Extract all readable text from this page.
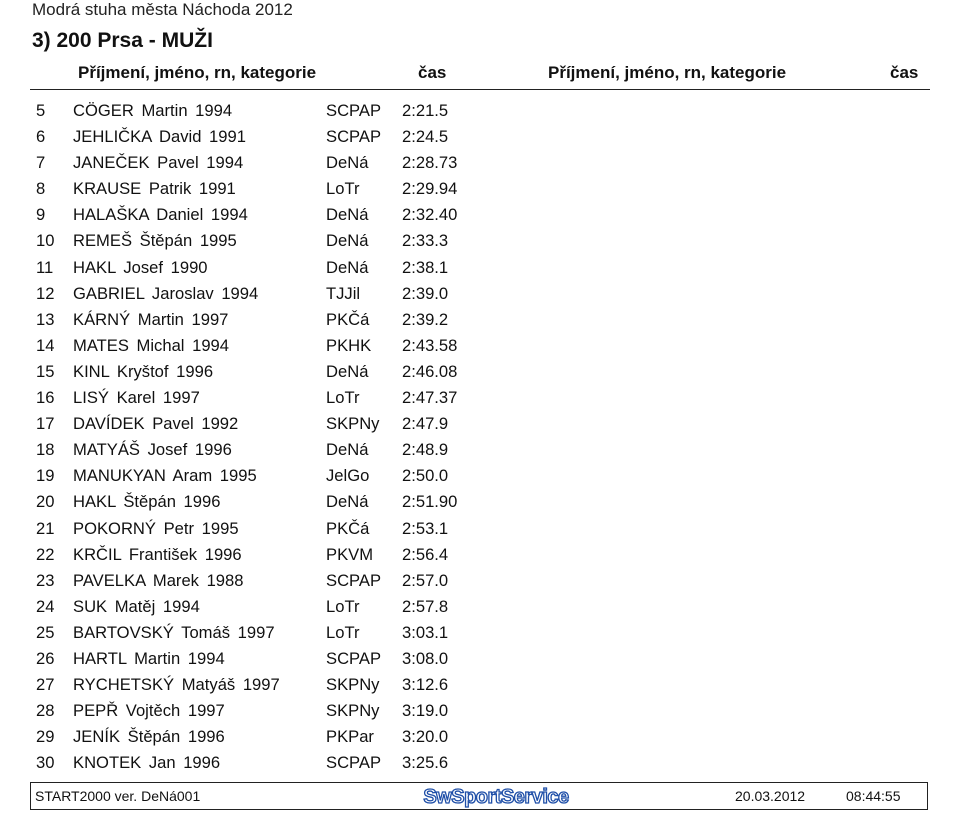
Modrá stuha města Náchoda 2012
3) 200 Prsa - MUŽI
Příjmení, jméno, rn, kategorie	čas	Příjmení, jméno, rn, kategorie	čas
5	CÖGER Martin 1994	SCPAP 2:21.5
6	JEHLIČKA David 1991	SCPAP 2:24.5
7	JANEČEK Pavel 1994	DeNá 2:28.73
8	KRAUSE Patrik 1991	LoTr	2:29.94
9	HALAŠKA Daniel 1994	DeNá 2:32.40
10	REMEŠ Štěpán 1995	DeNá 2:33.3
11	HAKL Josef 1990	DeNá 2:38.1
12	GABRIEL Jaroslav 1994	TJJil	2:39.0
13	KÁRNÝ Martin 1997	PKČá 2:39.2
14	MATES Michal 1994	PKHK 2:43.58
15	KINL Kryštof 1996	DeNá 2:46.08
16	LISÝ Karel 1997	LoTr	2:47.37
17	DAVÍDEK Pavel 1992	SKPNy 2:47.9
18	MATYÁŠ Josef 1996	DeNá 2:48.9
19	MANUKYAN Aram 1995	JelGo 2:50.0
20	HAKL Štěpán 1996	DeNá 2:51.90
21	POKORNÝ Petr 1995	PKČá 2:53.1
22	KRČIL František 1996	PKVM 2:56.4
23	PAVELKA Marek 1988	SCPAP 2:57.0
24	SUK Matěj 1994	LoTr	2:57.8
25	BARTOVSKÝ Tomáš 1997	LoTr	3:03.1
26	HARTL Martin 1994	SCPAP 3:08.0
27	RYCHETSKÝ Matyáš 1997	SKPNy 3:12.6
28	PEPŘ Vojtěch 1997	SKPNy 3:19.0
29	JENÍK Štěpán 1996	PKPar 3:20.0
30	KNOTEK Jan 1996	SCPAP 3:25.6
START2000 ver. DeNá001	SwSportService	20.03.2012	08:44:55
